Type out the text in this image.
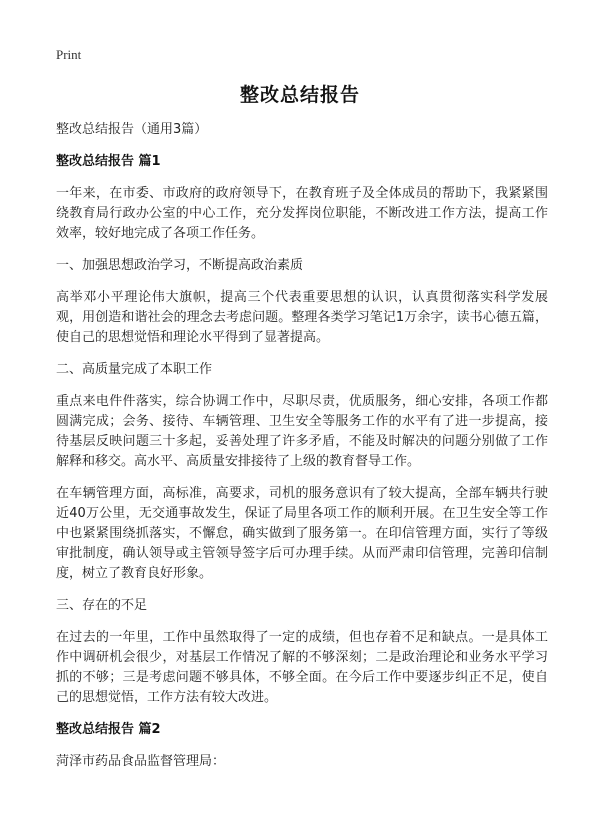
Print
整改总结报告
整改总结报告（通用3篇）
整改总结报告 篇1
一年来，在市委、市政府的政府领导下，在教育班子及全体成员的帮助下，我紧紧围绕教育局行政办公室的中心工作，充分发挥岗位职能，不断改进工作方法，提高工作效率，较好地完成了各项工作任务。
一、加强思想政治学习，不断提高政治素质
高举邓小平理论伟大旗帜，提高三个代表重要思想的认识，认真贯彻落实科学发展观，用创造和谐社会的理念去考虑问题。整理各类学习笔记1万余字，读书心德五篇，使自己的思想觉悟和理论水平得到了显著提高。
二、高质量完成了本职工作
重点来电件件落实，综合协调工作中，尽职尽责，优质服务，细心安排，各项工作都圆满完成；会务、接待、车辆管理、卫生安全等服务工作的水平有了进一步提高，接待基层反映问题三十多起，妥善处理了许多矛盾，不能及时解决的问题分别做了工作解释和移交。高水平、高质量安排接待了上级的教育督导工作。
在车辆管理方面，高标准，高要求，司机的服务意识有了较大提高，全部车辆共行驶近40万公里，无交通事故发生，保证了局里各项工作的顺利开展。在卫生安全等工作中也紧紧围绕抓落实，不懈怠，确实做到了服务第一。在印信管理方面，实行了等级审批制度，确认领导或主管领导签字后可办理手续。从而严肃印信管理，完善印信制度，树立了教育良好形象。
三、存在的不足
在过去的一年里，工作中虽然取得了一定的成绩，但也存着不足和缺点。一是具体工作中调研机会很少，对基层工作情况了解的不够深刻；二是政治理论和业务水平学习抓的不够；三是考虑问题不够具体，不够全面。在今后工作中要逐步纠正不足，使自己的思想觉悟，工作方法有较大改进。
整改总结报告 篇2
菏泽市药品食品监督管理局：
